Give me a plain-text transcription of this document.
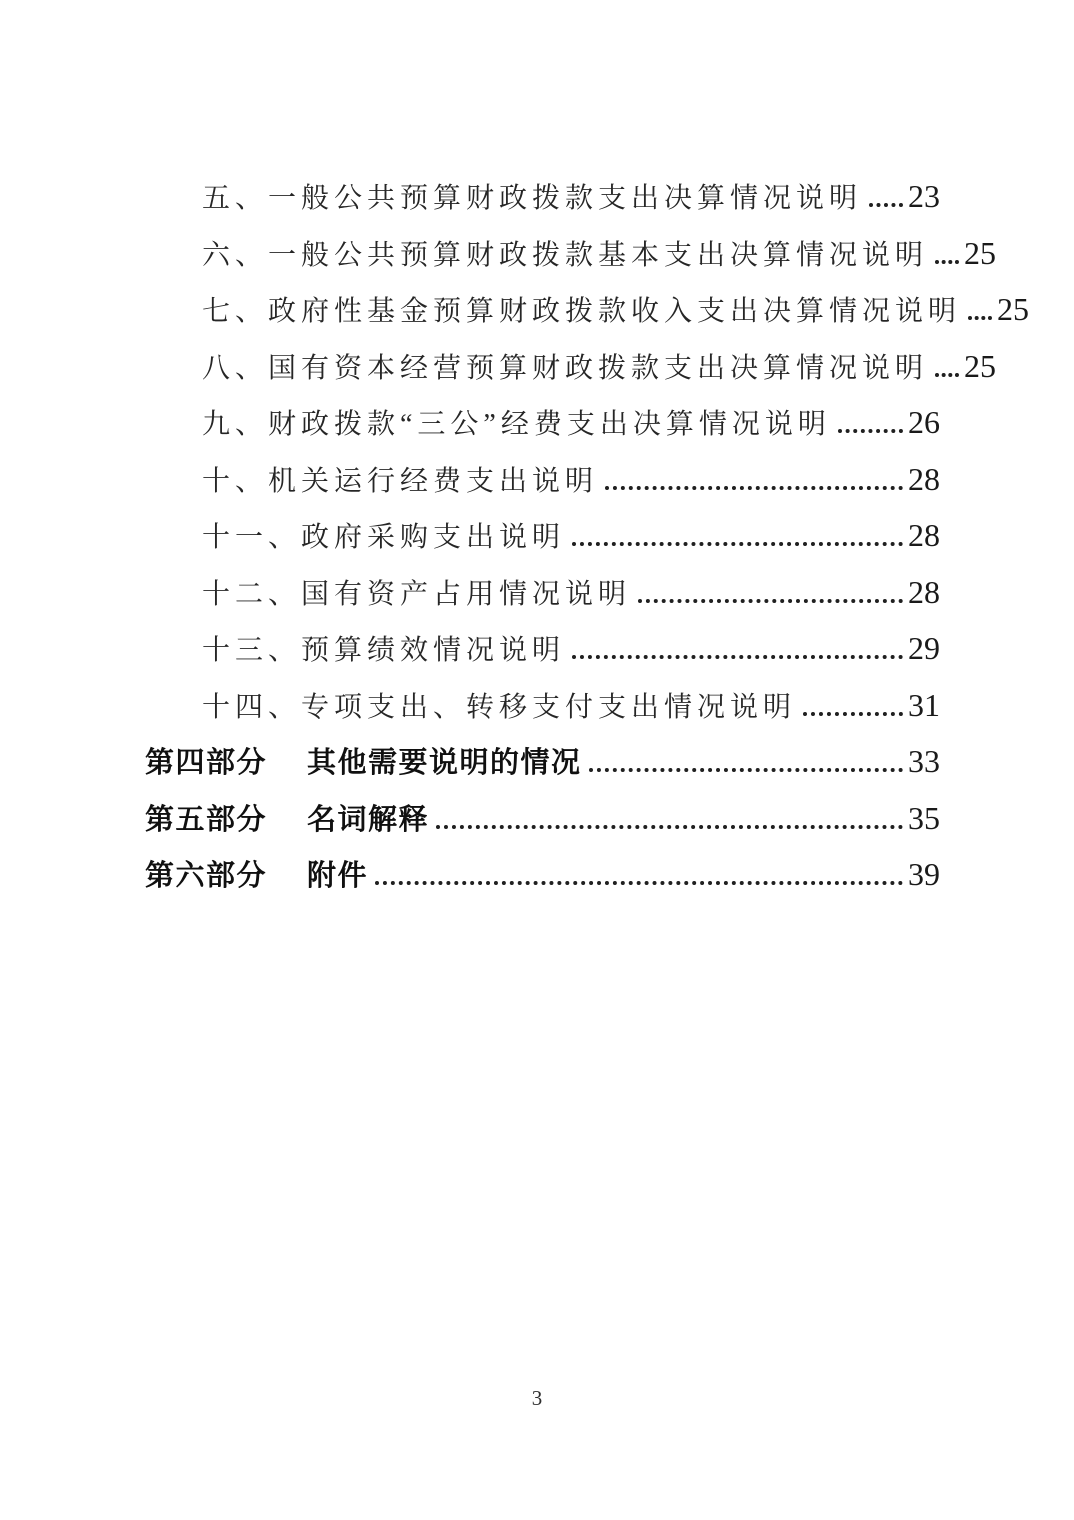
五、一般公共预算财政拨款支出决算情况说明 23
六、一般公共预算财政拨款基本支出决算情况说明 25
七、政府性基金预算财政拨款收入支出决算情况说明 25
八、国有资本经营预算财政拨款支出决算情况说明 25
九、财政拨款“三公”经费支出决算情况说明 26
十、机关运行经费支出说明	28
十一、政府采购支出说明	28
十二、国有资产占用情况说明	28
十三、预算绩效情况说明	29
十四、专项支出、转移支付支出情况说明	31
第四部分 其他需要说明的情况	33
第五部分 名词解释	35
第六部分 附件	39
3
